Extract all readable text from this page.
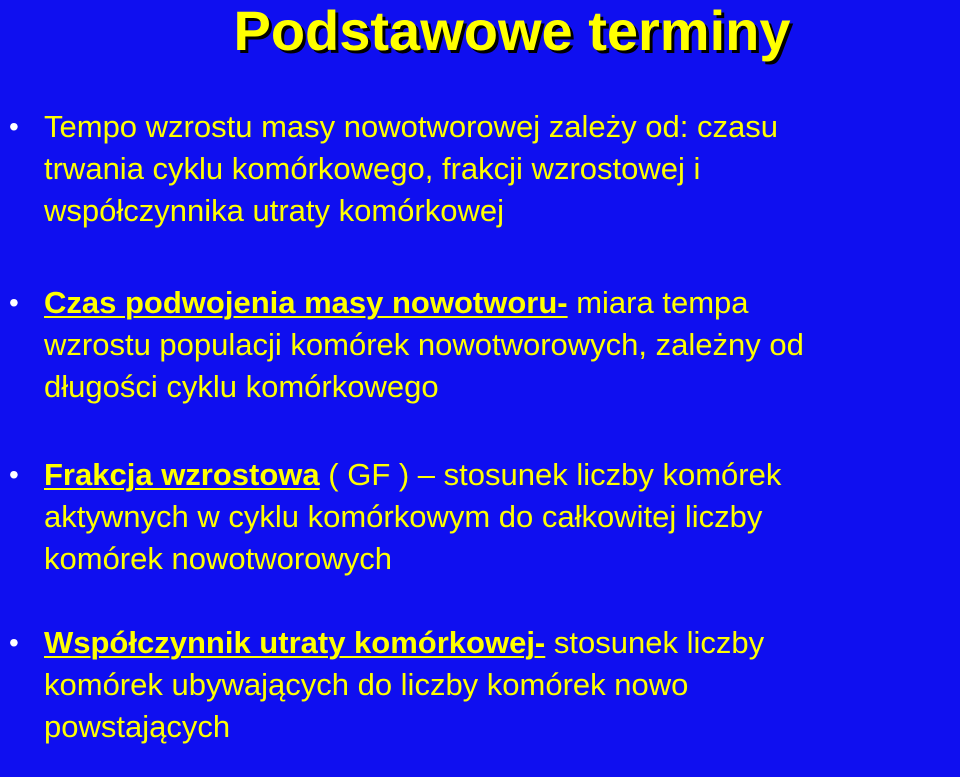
Podstawowe terminy
• Tempo wzrostu masy nowotworowej zależy od: czasu
trwania cyklu komórkowego, frakcji wzrostowej i
współczynnika utraty komórkowej
• Czas podwojenia masy nowotworu- miara tempa
wzrostu populacji komórek nowotworowych, zależny od
długości cyklu komórkowego
• Frakcja wzrostowa ( GF ) – stosunek liczby komórek
aktywnych w cyklu komórkowym do całkowitej liczby
komórek nowotworowych
• Współczynnik utraty komórkowej- stosunek liczby
komórek ubywających do liczby komórek nowo
powstających
